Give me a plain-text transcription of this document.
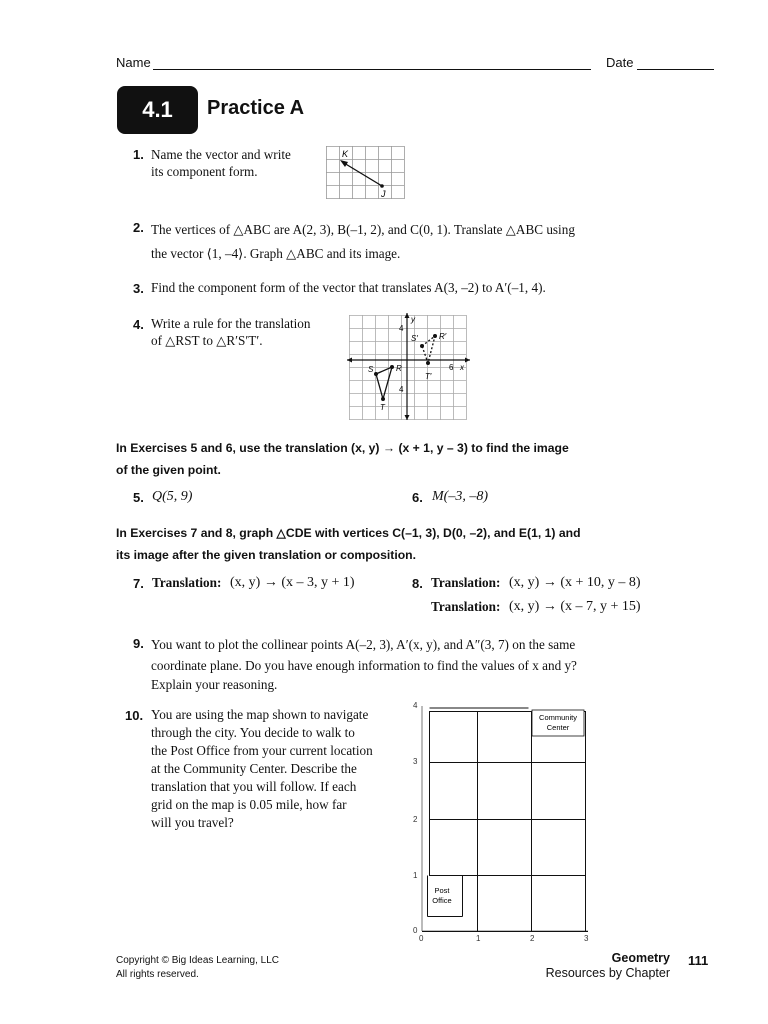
Name	Date
4.1	Practice A
1. Name the vector and write
its component form.
K
J
2. The vertices of △ABC are A(2, 3), B(–1, 2), and C(0, 1). Translate △ABC using
the vector ⟨1, –4⟩. Graph △ABC and its image.
3. Find the component form of the vector that translates A(3, –2) to A′(–1, 4).
4. Write a rule for the translation
of △RST to △R′S′T′.
y
x
4
4
6
S′	R′
T′
S	R
T
In Exercises 5 and 6, use the translation (x, y) → (x + 1, y – 3) to find the image
of the given point.
5. Q(5, 9)	6. M(–3, –8)
In Exercises 7 and 8, graph △CDE with vertices C(–1, 3), D(0, –2), and E(1, 1) and
its image after the given translation or composition.
7. Translation: (x, y) → (x – 3, y + 1)	8. Translation: (x, y) → (x + 10, y – 8)
Translation: (x, y) → (x – 7, y + 15)
9. You want to plot the collinear points A(–2, 3), A′(x, y), and A″(3, 7) on the same
coordinate plane. Do you have enough information to find the values of x and y?
Explain your reasoning.
10. You are using the map shown to navigate
through the city. You decide to walk to
the Post Office from your current location
at the Community Center. Describe the
translation that you will follow. If each
grid on the map is 0.05 mile, how far
will you travel?
0	1	2	3
0
1
2
3
4
Community
Center
Post
Office
Copyright © Big Ideas Learning, LLC
All rights reserved.
Geometry
Resources by Chapter
111
